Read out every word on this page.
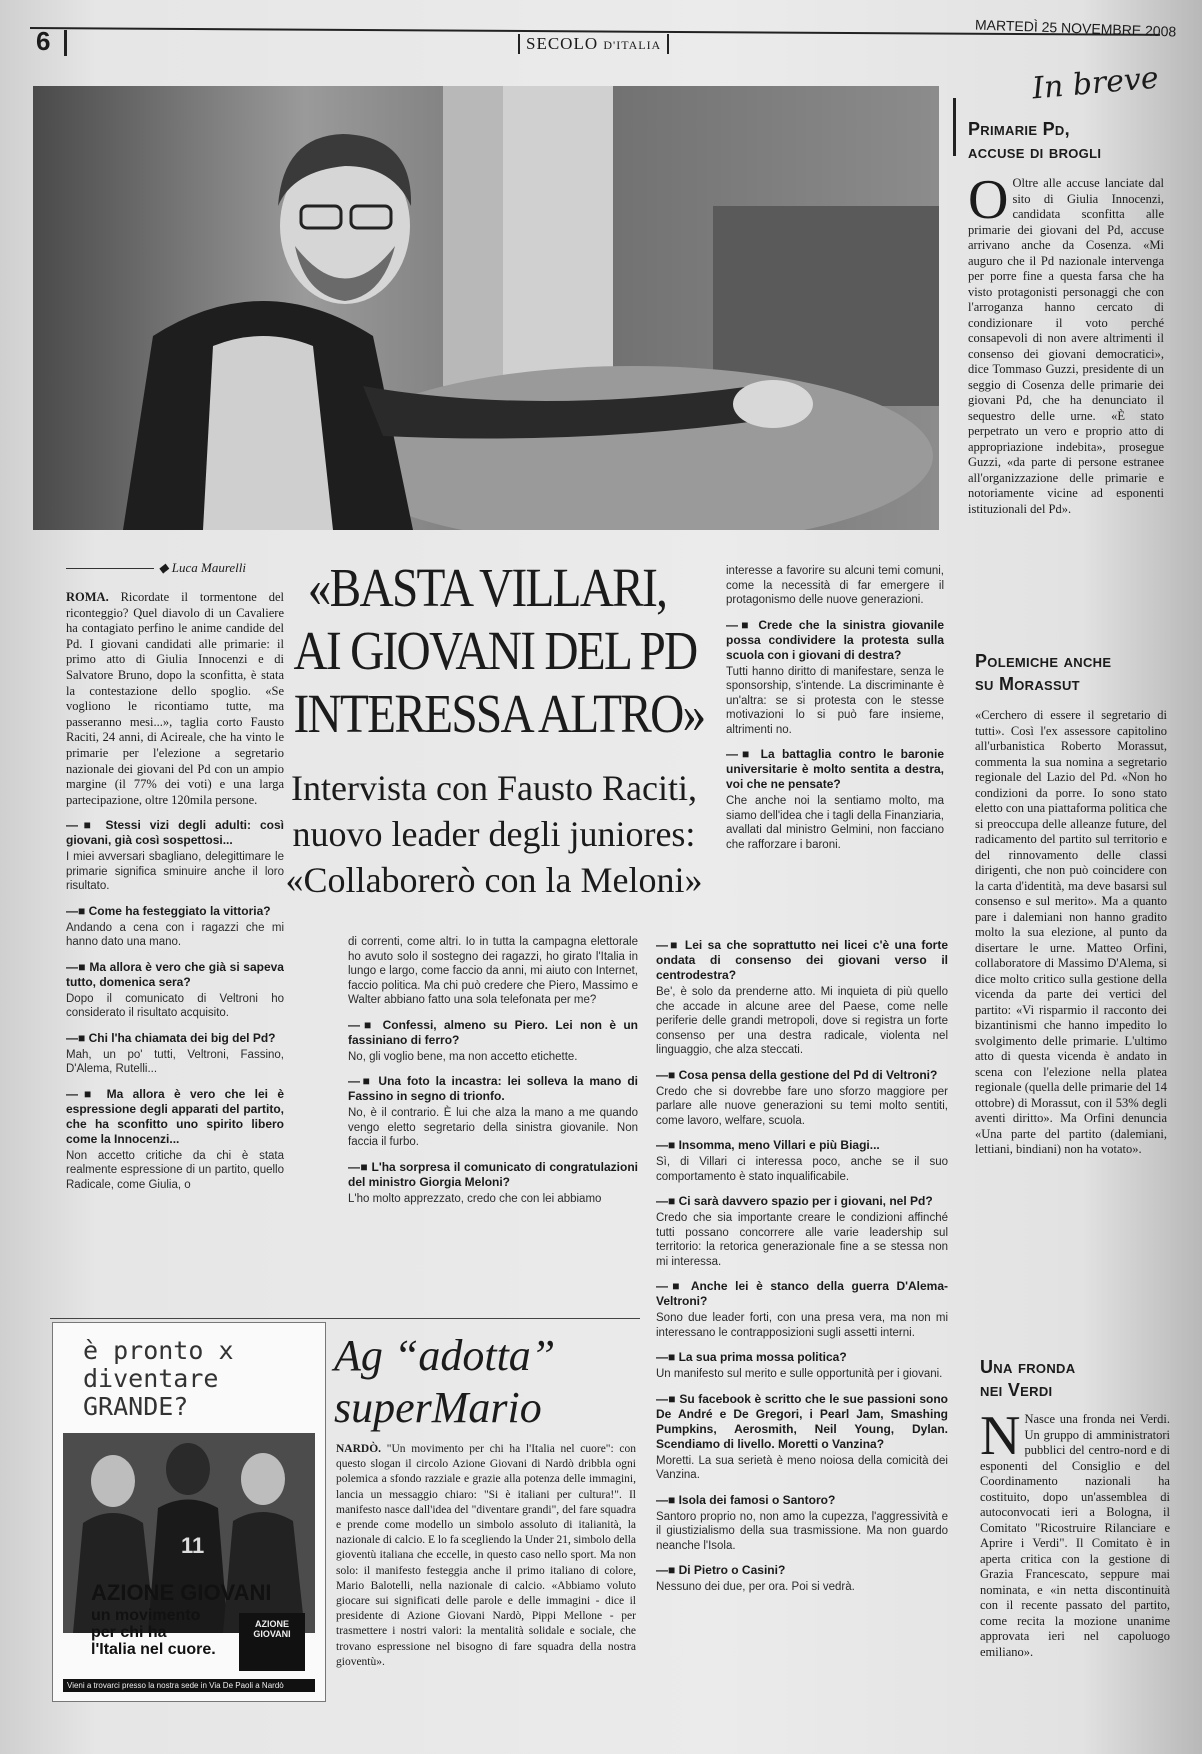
6	SECOLO D'ITALIA
MARTEDÌ 25 NOVEMBRE 2008
◆ Luca Maurelli «BASTA VILLARI,
AI GIOVANI DEL PD
INTERESSA ALTRO»
Intervista con Fausto Raciti,
nuovo leader degli juniores:
«Collaborerò con la Meloni»

ROMA. Ricordate il tormentone del riconteggio? Quel diavolo di un Cavaliere ha contagiato perfino le anime candide del Pd. I giovani candidati alle primarie: il primo atto di Giulia Innocenzi e di Salvatore Bruno, dopo la sconfitta, è stata la contestazione dello spoglio. «Se vogliono le ricontiamo tutte, ma passeranno mesi...», taglia corto Fausto Raciti, 24 anni, di Acireale, che ha vinto le primarie per l'elezione a segretario nazionale dei giovani del Pd con un ampio margine (il 77% dei voti) e una larga partecipazione, oltre 120mila persone.

—■ Stessi vizi degli adulti: così giovani, già così sospettosi...
I miei avversari sbagliano, delegittimare le primarie significa sminuire anche il loro risultato.
—■ Come ha festeggiato la vittoria?
Andando a cena con i ragazzi che mi hanno dato una mano.
—■ Ma allora è vero che già si sapeva tutto, domenica sera?
Dopo il comunicato di Veltroni ho considerato il risultato acquisito.
—■ Chi l'ha chiamata dei big del Pd?
Mah, un po' tutti, Veltroni, Fassino, D'Alema, Rutelli...
—■ Ma allora è vero che lei è espressione degli apparati del partito, che ha sconfitto uno spirito libero come la Innocenzi...
Non accetto critiche da chi è stata realmente espressione di un partito, quello Radicale, come Giulia, o
di correnti, come altri. Io in tutta la campagna elettorale ho avuto solo il sostegno dei ragazzi, ho girato l'Italia in lungo e largo, come faccio da anni, mi aiuto con Internet, faccio politica. Ma chi può credere che Piero, Massimo e Walter abbiano fatto una sola telefonata per me?
—■ Confessi, almeno su Piero. Lei non è un fassiniano di ferro?
No, gli voglio bene, ma non accetto etichette.
—■ Una foto la incastra: lei solleva la mano di Fassino in segno di trionfo.
No, è il contrario. È lui che alza la mano a me quando vengo eletto segretario della sinistra giovanile. Non faccia il furbo.
—■ L'ha sorpresa il comunicato di congratulazioni del ministro Giorgia Meloni?
L'ho molto apprezzato, credo che con lei abbiamo
interesse a favorire su alcuni temi comuni, come la necessità di far emergere il protagonismo delle nuove generazioni.
—■ Crede che la sinistra giovanile possa condividere la protesta sulla scuola con i giovani di destra?
Tutti hanno diritto di manifestare, senza le sponsorship, s'intende. La discriminante è un'altra: se si protesta con le stesse motivazioni lo si può fare insieme, altrimenti no.
—■ La battaglia contro le baronie universitarie è molto sentita a destra, voi che ne pensate?
Che anche noi la sentiamo molto, ma siamo dell'idea che i tagli della Finanziaria, avallati dal ministro Gelmini, non facciano che rafforzare i baroni.
—■ Lei sa che soprattutto nei licei c'è una forte ondata di consenso dei giovani verso il centrodestra?
Be', è solo da prenderne atto. Mi inquieta di più quello che accade in alcune aree del Paese, come nelle periferie delle grandi metropoli, dove si registra un forte consenso per una destra radicale, violenta nel linguaggio, che alza steccati.
—■ Cosa pensa della gestione del Pd di Veltroni?
Credo che si dovrebbe fare uno sforzo maggiore per parlare alle nuove generazioni su temi molto sentiti, come lavoro, welfare, scuola.
—■ Insomma, meno Villari e più Biagi...
Sì, di Villari ci interessa poco, anche se il suo comportamento è stato inqualificabile.
—■ Ci sarà davvero spazio per i giovani, nel Pd?
Credo che sia importante creare le condizioni affinché tutti possano concorrere alle varie leadership sul territorio: la retorica generazionale fine a se stessa non mi interessa.
—■ Anche lei è stanco della guerra D'Alema-Veltroni?
Sono due leader forti, con una presa vera, ma non mi interessano le contrapposizioni sugli assetti interni.
—■ La sua prima mossa politica?
Un manifesto sul merito e sulle opportunità per i giovani.
—■ Su facebook è scritto che le sue passioni sono De André e De Gregori, i Pearl Jam, Smashing Pumpkins, Aerosmith, Neil Young, Dylan. Scendiamo di livello. Moretti o Vanzina?
Moretti. La sua serietà è meno noiosa della comicità dei Vanzina.
—■ Isola dei famosi o Santoro?
Santoro proprio no, non amo la cupezza, l'aggressività e il giustizialismo della sua trasmissione. Ma non guardo neanche l'Isola.
—■ Di Pietro o Casini?
Nessuno dei due, per ora. Poi si vedrà.
In breve
Primarie Pd,
accuse di brogli
O Oltre alle accuse lanciate dal sito di Giulia Innocenzi, candidata sconfitta alle primarie dei giovani del Pd, accuse arrivano anche da Cosenza. «Mi auguro che il Pd nazionale intervenga per porre fine a questa farsa che ha visto protagonisti personaggi che con l'arroganza hanno cercato di condizionare il voto perché consapevoli di non avere altrimenti il consenso dei giovani democratici», dice Tommaso Guzzi, presidente di un seggio di Cosenza delle primarie dei giovani Pd, che ha denunciato il sequestro delle urne. «È stato perpetrato un vero e proprio atto di appropriazione indebita», prosegue Guzzi, «da parte di persone estranee all'organizzazione delle primarie e notoriamente vicine ad esponenti istituzionali del Pd».
Polemiche anche
su Morassut
«Cerchero di essere il segretario di tutti». Così l'ex assessore capitolino all'urbanistica Roberto Morassut, commenta la sua nomina a segretario regionale del Lazio del Pd. «Non ho condizioni da porre. Io sono stato eletto con una piattaforma politica che si preoccupa delle alleanze future, del radicamento del partito sul territorio e del rinnovamento delle classi dirigenti, che non può coincidere con la carta d'identità, ma deve basarsi sul consenso e sul merito». Ma a quanto pare i dalemiani non hanno gradito molto la sua elezione, al punto da disertare le urne. Matteo Orfini, collaboratore di Massimo D'Alema, si dice molto critico sulla gestione della vicenda da parte dei vertici del partito: «Vi risparmio il racconto dei bizantinismi che hanno impedito lo svolgimento delle primarie. L'ultimo atto di questa vicenda è andato in scena con l'elezione nella platea regionale (quella delle primarie del 14 ottobre) di Morassut, con il 53% degli aventi diritto». Ma Orfini denuncia «Una parte del partito (dalemiani, lettiani, bindiani) non ha votato».
Una fronda
nei Verdi
N Nasce una fronda nei Verdi. Un gruppo di amministratori pubblici del centro-nord e di esponenti del Consiglio e del Coordinamento nazionali ha costituito, dopo un'assemblea di autoconvocati ieri a Bologna, il Comitato "Ricostruire Rilanciare e Aprire i Verdi". Il Comitato è in aperta critica con la gestione di Grazia Francescato, seppure mai nominata, e «in netta discontinuità con il recente passato del partito, come recita la mozione unanime approvata ieri nel capoluogo emiliano».
è pronto x
diventare
GRANDE?
11
AZIONE GIOVANI
un movimento
per chi ha
l'Italia nel cuore.
AZIONE GIOVANI
Vieni a trovarci presso la nostra sede in Via De Paoli a Nardò
Ag “adotta”
superMario
NARDÒ. "Un movimento per chi ha l'Italia nel cuore": con questo slogan il circolo Azione Giovani di Nardò dribbla ogni polemica a sfondo razziale e grazie alla potenza delle immagini, lancia un messaggio chiaro: "Si è italiani per cultura!". Il manifesto nasce dall'idea del "diventare grandi", del fare squadra e prende come modello un simbolo assoluto di italianità, la nazionale di calcio. E lo fa scegliendo la Under 21, simbolo della gioventù italiana che eccelle, in questo caso nello sport. Ma non solo: il manifesto festeggia anche il primo italiano di colore, Mario Balotelli, nella nazionale di calcio. «Abbiamo voluto giocare sui significati delle parole e delle immagini - dice il presidente di Azione Giovani Nardò, Pippi Mellone - per trasmettere i nostri valori: la mentalità solidale e sociale, che trovano espressione nel bisogno di fare squadra della nostra gioventù».
